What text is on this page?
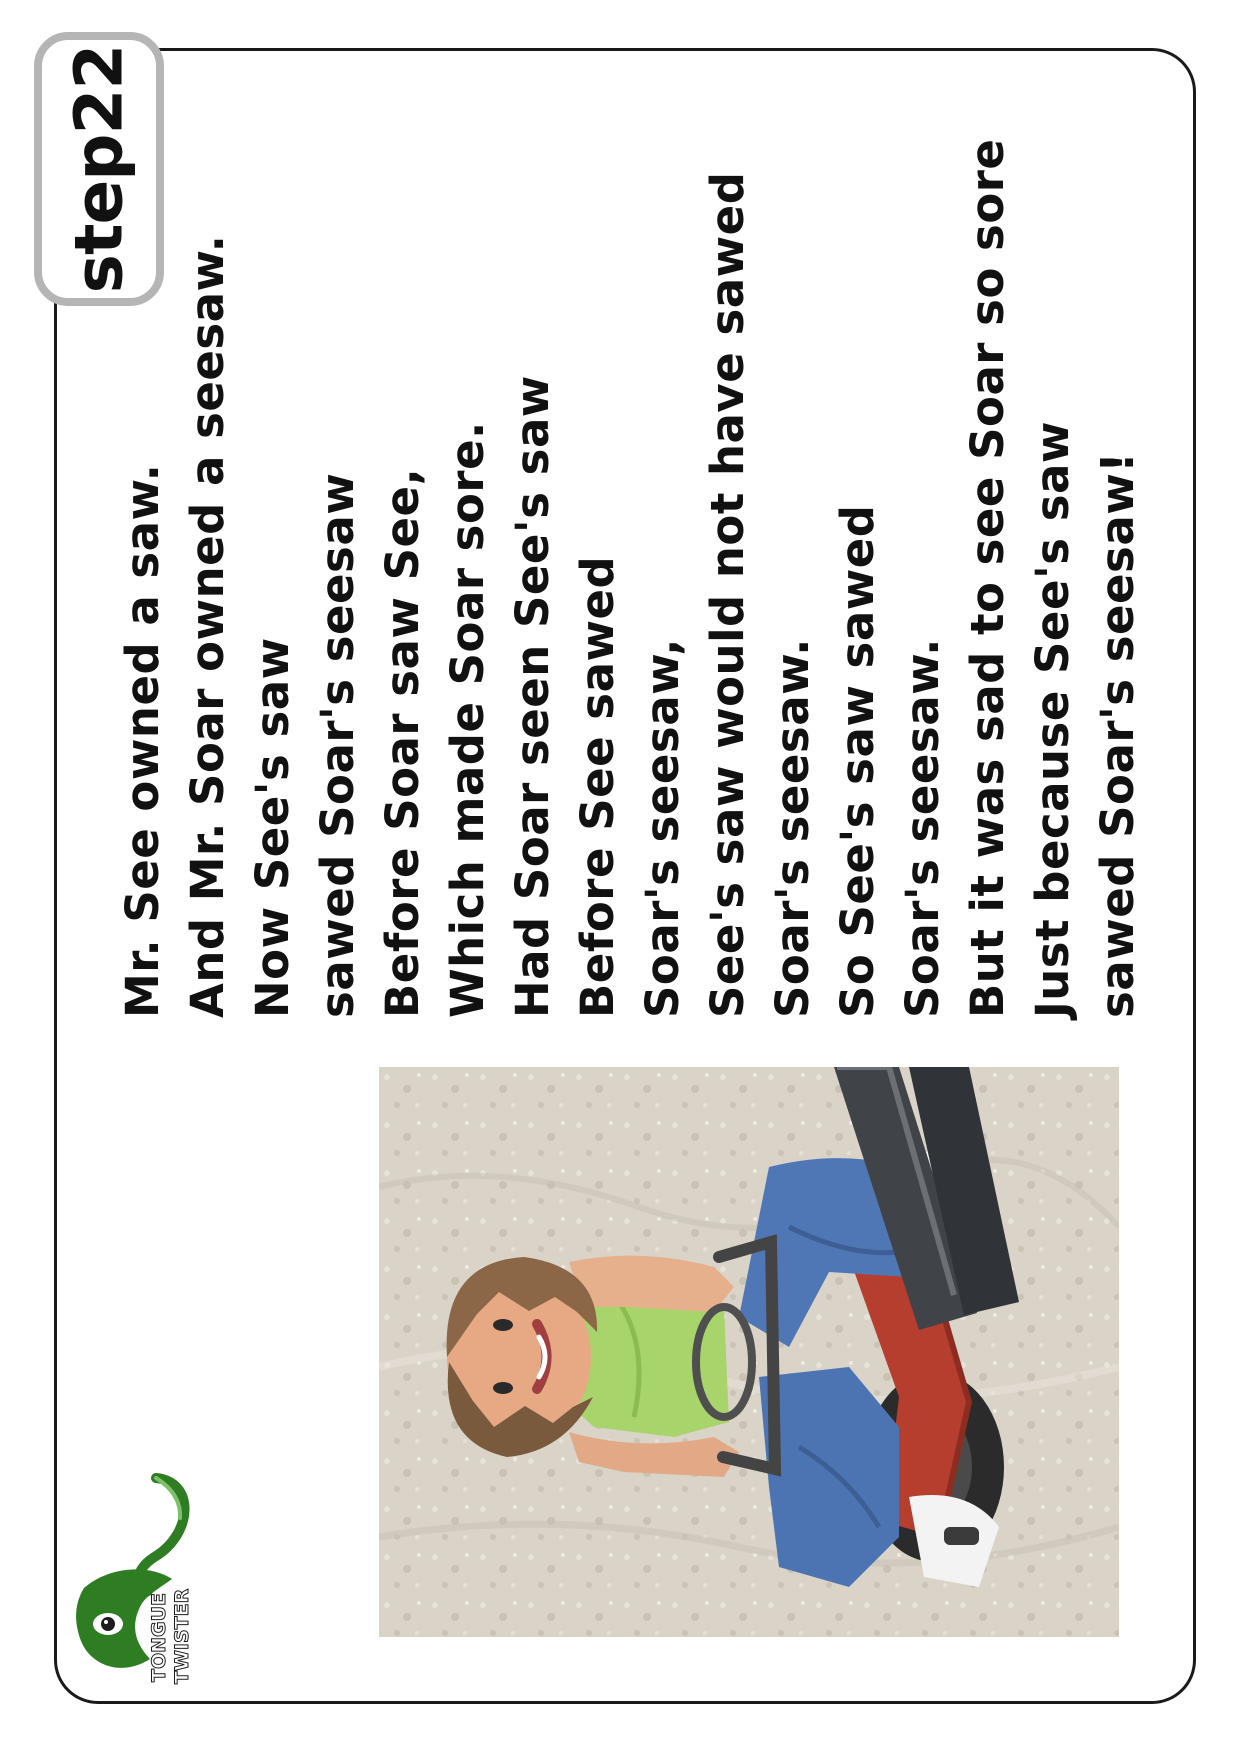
step22
Mr. See owned a saw. And Mr. Soar owned a seesaw. Now See's saw sawed Soar's seesaw Before Soar saw See, Which made Soar sore. Had Soar seen See's saw Before See sawed Soar's seesaw, See's saw would not have sawed Soar's seesaw. So See's saw sawed Soar's seesaw. But it was sad to see Soar so sore Just because See's saw sawed Soar's seesaw!
TONGUE TWISTER
